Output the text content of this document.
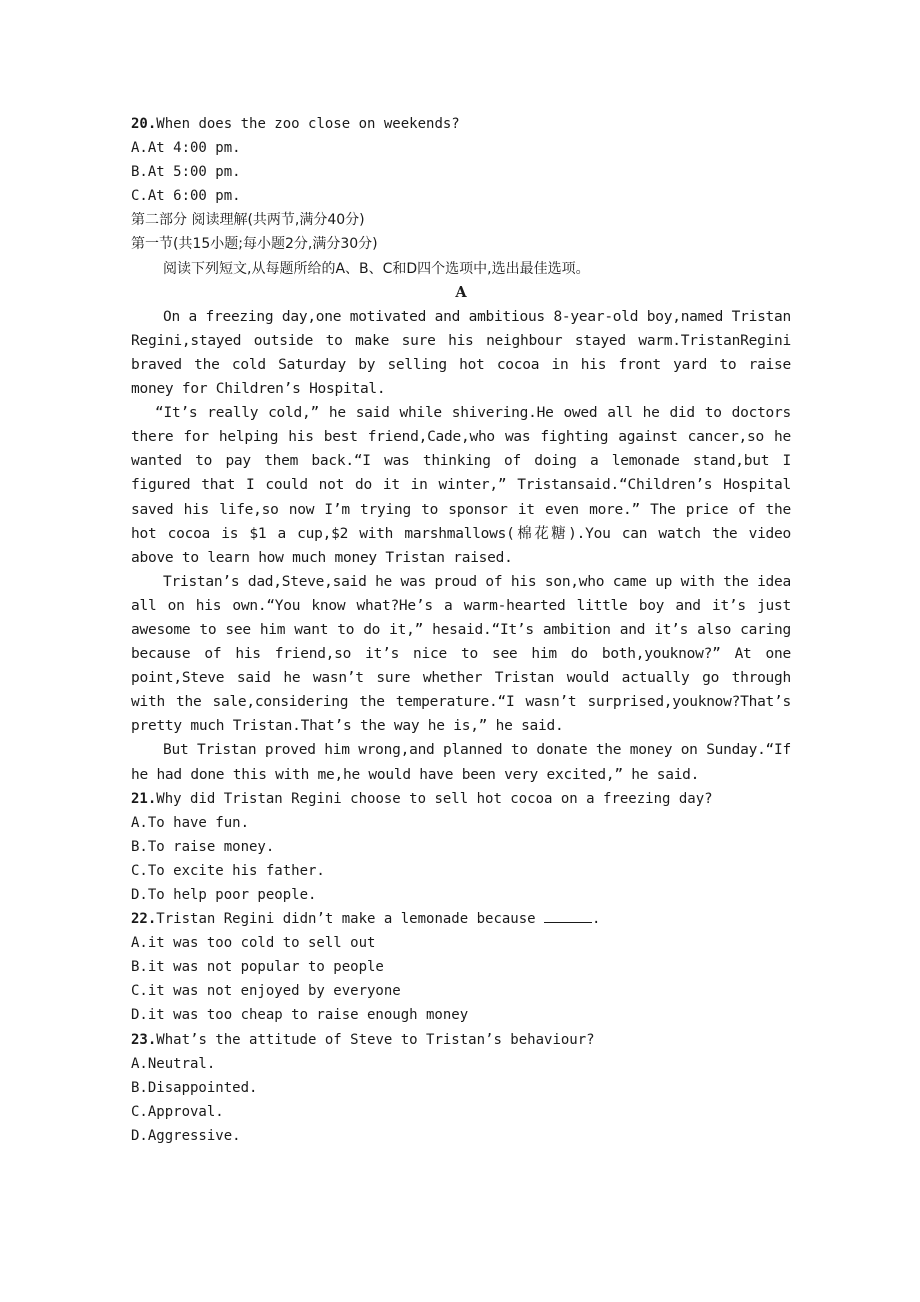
20.When does the zoo close on weekends?
A.At 4:00 pm.
B.At 5:00 pm.
C.At 6:00 pm.
第二部分 阅读理解(共两节,满分40分)
第一节(共15小题;每小题2分,满分30分)
阅读下列短文,从每题所给的A、B、C和D四个选项中,选出最佳选项。
A

On a freezing day,one motivated and ambitious 8-year-old boy,named Tristan Regini,stayed outside to make sure his neighbour stayed warm.TristanRegini braved the cold Saturday by selling hot cocoa in his front yard to raise money for Children’s Hospital.

“It’s really cold,” he said while shivering.He owed all he did to doctors there for helping his best friend,Cade,who was fighting against cancer,so he wanted to pay them back.“I was thinking of doing a lemonade stand,but I figured that I could not do it in winter,” Tristansaid.“Children’s Hospital saved his life,so now I’m trying to sponsor it even more.” The price of the hot cocoa is $1 a cup,$2 with marshmallows(棉花糖).You can watch the video above to learn how much money Tristan raised.

Tristan’s dad,Steve,said he was proud of his son,who came up with the idea all on his own.“You know what?He’s a warm-hearted little boy and it’s just awesome to see him want to do it,” hesaid.“It’s ambition and it’s also caring because of his friend,so it’s nice to see him do both,youknow?” At one point,Steve said he wasn’t sure whether Tristan would actually go through with the sale,considering the temperature.“I wasn’t surprised,youknow?That’s pretty much Tristan.That’s the way he is,” he said.

But Tristan proved him wrong,and planned to donate the money on Sunday.“If he had done this with me,he would have been very excited,” he said.

21.Why did Tristan Regini choose to sell hot cocoa on a freezing day?
A.To have fun.
B.To raise money.
C.To excite his father.
D.To help poor people.
22.Tristan Regini didn’t make a lemonade because	.
A.it was too cold to sell out
B.it was not popular to people
C.it was not enjoyed by everyone
D.it was too cheap to raise enough money
23.What’s the attitude of Steve to Tristan’s behaviour?
A.Neutral.
B.Disappointed.
C.Approval.
D.Aggressive.
